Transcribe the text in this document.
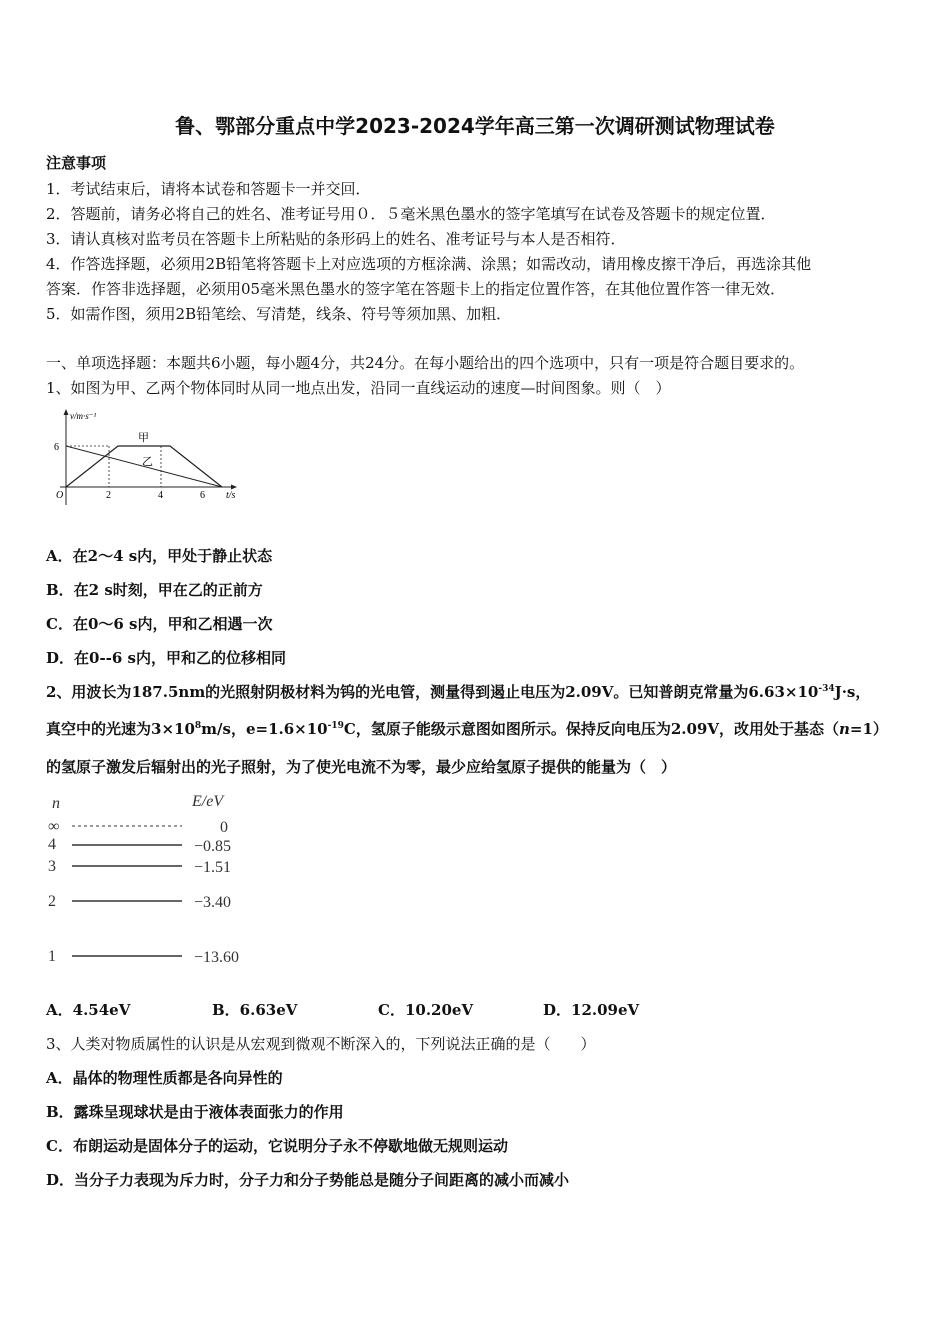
鲁、鄂部分重点中学2023-2024学年高三第一次调研测试物理试卷
注意事项
1．考试结束后，请将本试卷和答题卡一并交回．
2．答题前，请务必将自己的姓名、准考证号用０．５毫米黑色墨水的签字笔填写在试卷及答题卡的规定位置．
3．请认真核对监考员在答题卡上所粘贴的条形码上的姓名、准考证号与本人是否相符．
4．作答选择题，必须用2B铅笔将答题卡上对应选项的方框涂满、涂黑；如需改动，请用橡皮擦干净后，再选涂其他
答案．作答非选择题，必须用05毫米黑色墨水的签字笔在答题卡上的指定位置作答，在其他位置作答一律无效．
5．如需作图，须用2B铅笔绘、写清楚，线条、符号等须加黑、加粗．
一、单项选择题：本题共6小题，每小题4分，共24分。在每小题给出的四个选项中，只有一项是符合题目要求的。
1、如图为甲、乙两个物体同时从同一地点出发，沿同一直线运动的速度—时间图象。则（　）
v/m·s⁻¹
t/s
O
6
2	4	6
甲
乙
A．在2～4 s内，甲处于静止状态
B．在2 s时刻，甲在乙的正前方
C．在0～6 s内，甲和乙相遇一次
D．在0--6 s内，甲和乙的位移相同
2、用波长为187.5nm的光照射阴极材料为钨的光电管，测量得到遏止电压为2.09V。已知普朗克常量为$6.63\times 10^{-34}J\cdot s$，
真空中的光速为$3\times 10^8m/s$，$e=1.6\times 10^{-19}C$，氢原子能级示意图如图所示。保持反向电压为2.09V，改用处于基态（n=1）
的氢原子激发后辐射出的光子照射，为了使光电流不为零，最少应给氢原子提供的能量为（　）
n	E/eV
∞	0
4	−0.85
3	−1.51
2	−3.40
1	−13.60
A．4.54eV	B．6.63eV	C．10.20eV	D．12.09eV
3、人类对物质属性的认识是从宏观到微观不断深入的，下列说法正确的是（　　）
A．晶体的物理性质都是各向异性的
B．露珠呈现球状是由于液体表面张力的作用
C．布朗运动是固体分子的运动，它说明分子永不停歇地做无规则运动
D．当分子力表现为斥力时，分子力和分子势能总是随分子间距离的减小而减小
